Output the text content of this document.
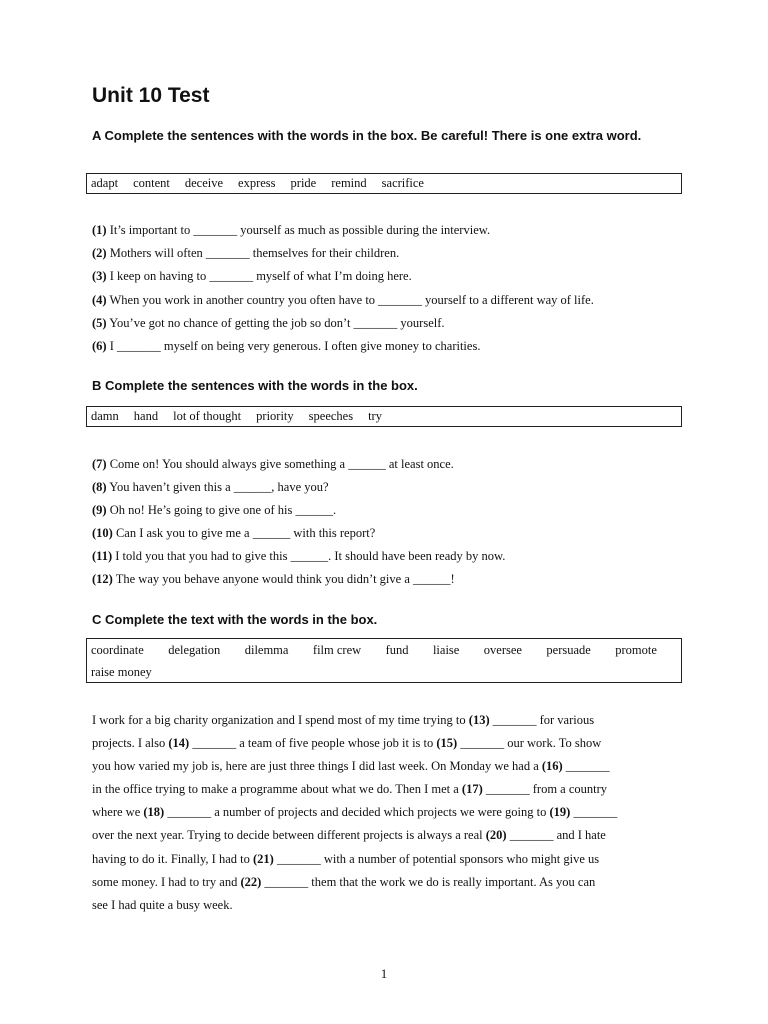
Unit 10 Test

A Complete the sentences with the words in the box. Be careful! There is one extra word.

adapt content deceive express pride remind sacrifice

(1) It’s important to _______ yourself as much as possible during the interview.

(2) Mothers will often _______ themselves for their children.

(3) I keep on having to _______ myself of what I’m doing here.

(4) When you work in another country you often have to _______ yourself to a different way of life.

(5) You’ve got no chance of getting the job so don’t _______ yourself.

(6) I _______ myself on being very generous. I often give money to charities.

B Complete the sentences with the words in the box.

damn hand lot of thought priority speeches try

(7) Come on! You should always give something a ______ at least once.

(8) You haven’t given this a ______, have you?

(9) Oh no! He’s going to give one of his ______.

(10) Can I ask you to give me a ______ with this report?

(11) I told you that you had to give this ______. It should have been ready by now.

(12) The way you behave anyone would think you didn’t give a ______!

C Complete the text with the words in the box.

coordinate delegation dilemma film crew fund liaise oversee persuade promote
raise money

I work for a big charity organization and I spend most of my time trying to (13) _______ for various
projects. I also (14) _______ a team of five people whose job it is to (15) _______ our work. To show
you how varied my job is, here are just three things I did last week. On Monday we had a (16) _______
in the office trying to make a programme about what we do. Then I met a (17) _______ from a country
where we (18) _______ a number of projects and decided which projects we were going to (19) _______
over the next year. Trying to decide between different projects is always a real (20) _______ and I hate
having to do it. Finally, I had to (21) _______ with a number of potential sponsors who might give us
some money. I had to try and (22) _______ them that the work we do is really important. As you can
see I had quite a busy week.

1
